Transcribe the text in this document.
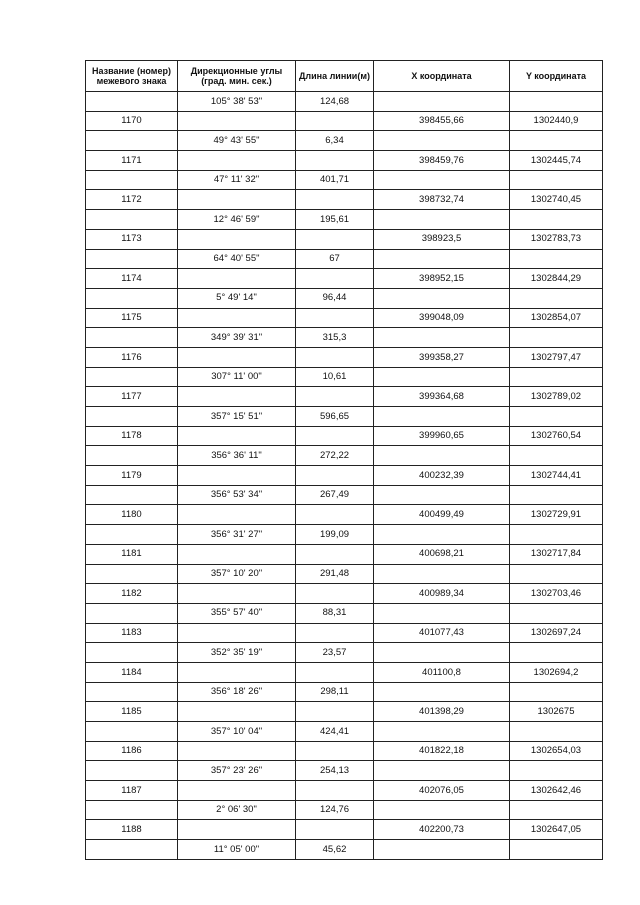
Название (номер) межевого знака	Дирекционные углы (град. мин. сек.)	Длина линии(м)	X координата	Y координата
	105° 38' 53"	124,68		
1170			398455,66	1302440,9
	49° 43' 55"	6,34		
1171			398459,76	1302445,74
	47° 11' 32"	401,71		
1172			398732,74	1302740,45
	12° 46' 59"	195,61		
1173			398923,5	1302783,73
	64° 40' 55"	67		
1174			398952,15	1302844,29
	5° 49' 14"	96,44		
1175			399048,09	1302854,07
	349° 39' 31"	315,3		
1176			399358,27	1302797,47
	307° 11' 00"	10,61		
1177			399364,68	1302789,02
	357° 15' 51"	596,65		
1178			399960,65	1302760,54
	356° 36' 11"	272,22		
1179			400232,39	1302744,41
	356° 53' 34"	267,49		
1180			400499,49	1302729,91
	356° 31' 27"	199,09		
1181			400698,21	1302717,84
	357° 10' 20"	291,48		
1182			400989,34	1302703,46
	355° 57' 40"	88,31		
1183			401077,43	1302697,24
	352° 35' 19"	23,57		
1184			401100,8	1302694,2
	356° 18' 26"	298,11		
1185			401398,29	1302675
	357° 10' 04"	424,41		
1186			401822,18	1302654,03
	357° 23' 26"	254,13		
1187			402076,05	1302642,46
	2° 06' 30"	124,76		
1188			402200,73	1302647,05
	11° 05' 00"	45,62		
